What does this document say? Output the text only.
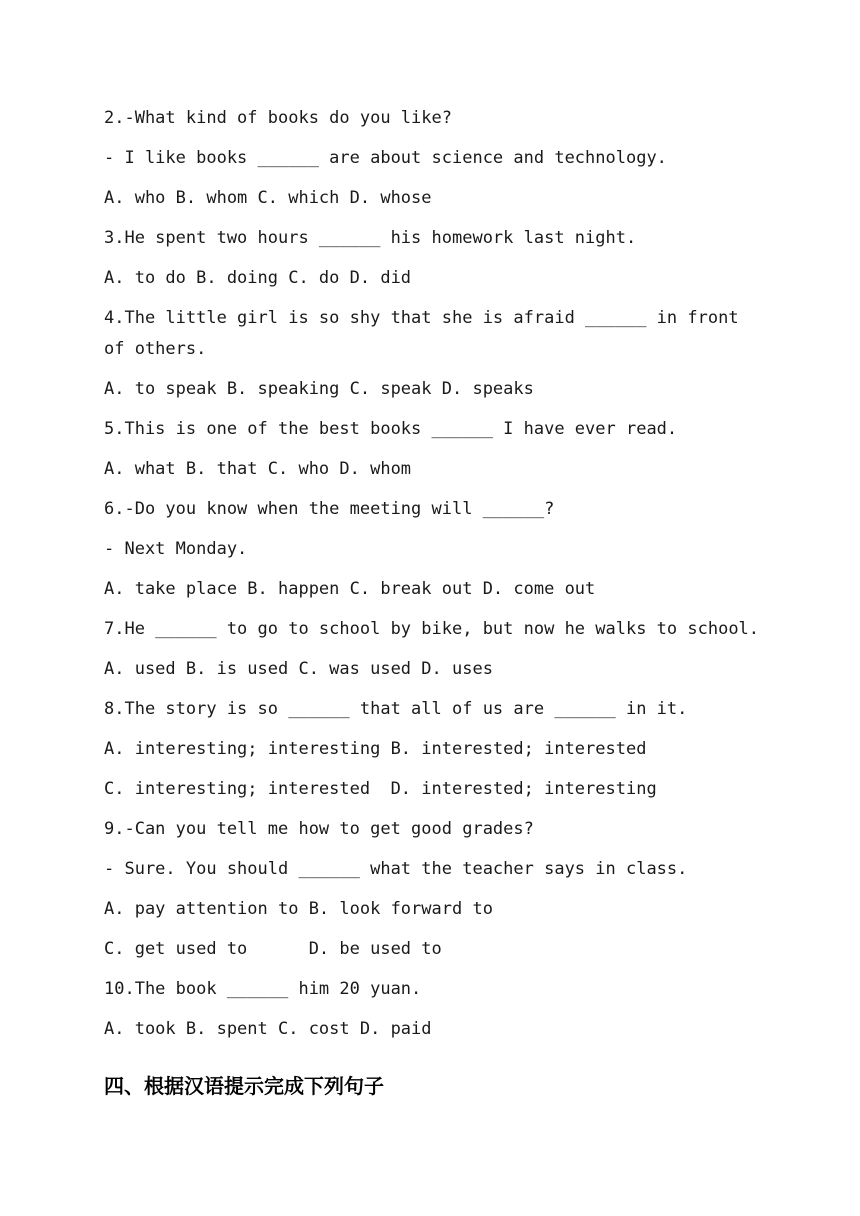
2.-What kind of books do you like?
- I like books ______ are about science and technology.
A. who B. whom C. which D. whose
3.He spent two hours ______ his homework last night.
A. to do B. doing C. do D. did
4.The little girl is so shy that she is afraid ______ in front
of others.
A. to speak B. speaking C. speak D. speaks
5.This is one of the best books ______ I have ever read.
A. what B. that C. who D. whom
6.-Do you know when the meeting will ______?
- Next Monday.
A. take place B. happen C. break out D. come out
7.He ______ to go to school by bike, but now he walks to school.
A. used B. is used C. was used D. uses
8.The story is so ______ that all of us are ______ in it.
A. interesting; interesting B. interested; interested
C. interesting; interested  D. interested; interesting
9.-Can you tell me how to get good grades?
- Sure. You should ______ what the teacher says in class.
A. pay attention to B. look forward to
C. get used to      D. be used to
10.The book ______ him 20 yuan.
A. took B. spent C. cost D. paid
四、根据汉语提示完成下列句子
